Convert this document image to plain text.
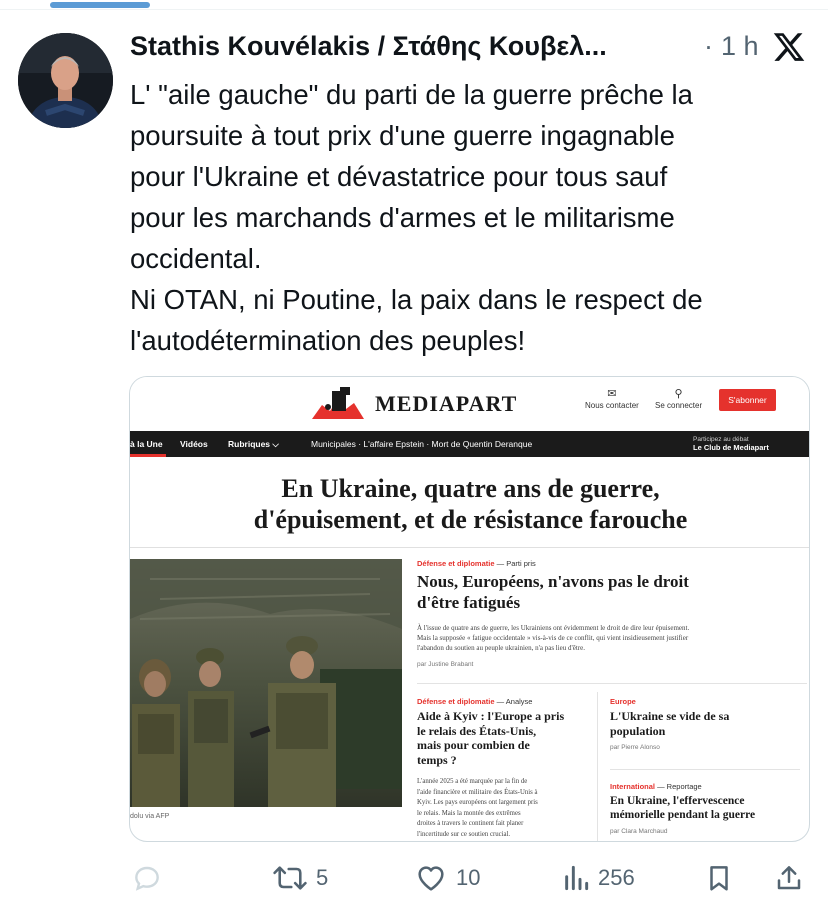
Stathis Kouvélakis / Στάθης Κουβελ...	· 1 h
L' "aile gauche" du parti de la guerre prêche la
poursuite à tout prix d'une guerre ingagnable
pour l'Ukraine et dévastatrice pour tous sauf
pour les marchands d'armes et le militarisme
occidental.
Ni OTAN, ni Poutine, la paix dans le respect de
l'autodétermination des peuples!
MEDIAPART	✉
Nous contacter
⚲
Se connecter
S'abonner
à la Une Vidéos Rubriques ⌵	Municipales · L'affaire Epstein · Mort de Quentin Deranque	Le Club de Mediapart
Participez au débat
En Ukraine, quatre ans de guerre,
d'épuisement, et de résistance farouche
dolu via AFP
Défense et diplomatie — Parti pris
Nous, Européens, n'avons pas le droit
d'être fatigués
À l'issue de quatre ans de guerre, les Ukrainiens ont évidemment le droit de dire leur épuisement.
Mais la supposée « fatigue occidentale » vis-à-vis de ce conflit, qui vient insidieusement justifier
l'abandon du soutien au peuple ukrainien, n'a pas lieu d'être.
par Justine Brabant
Défense et diplomatie — Analyse
Aide à Kyiv : l'Europe a pris
le relais des États-Unis,
mais pour combien de
temps ?
L'année 2025 a été marquée par la fin de
l'aide financière et militaire des États-Unis à
Kyiv. Les pays européens ont largement pris
le relais. Mais la montée des extrêmes
droites à travers le continent fait planer
l'incertitude sur ce soutien crucial.
Europe
L'Ukraine se vide de sa
population
par Pierre Alonso
International — Reportage
En Ukraine, l'effervescence
mémorielle pendant la guerre
par Clara Marchaud
5	10	256
